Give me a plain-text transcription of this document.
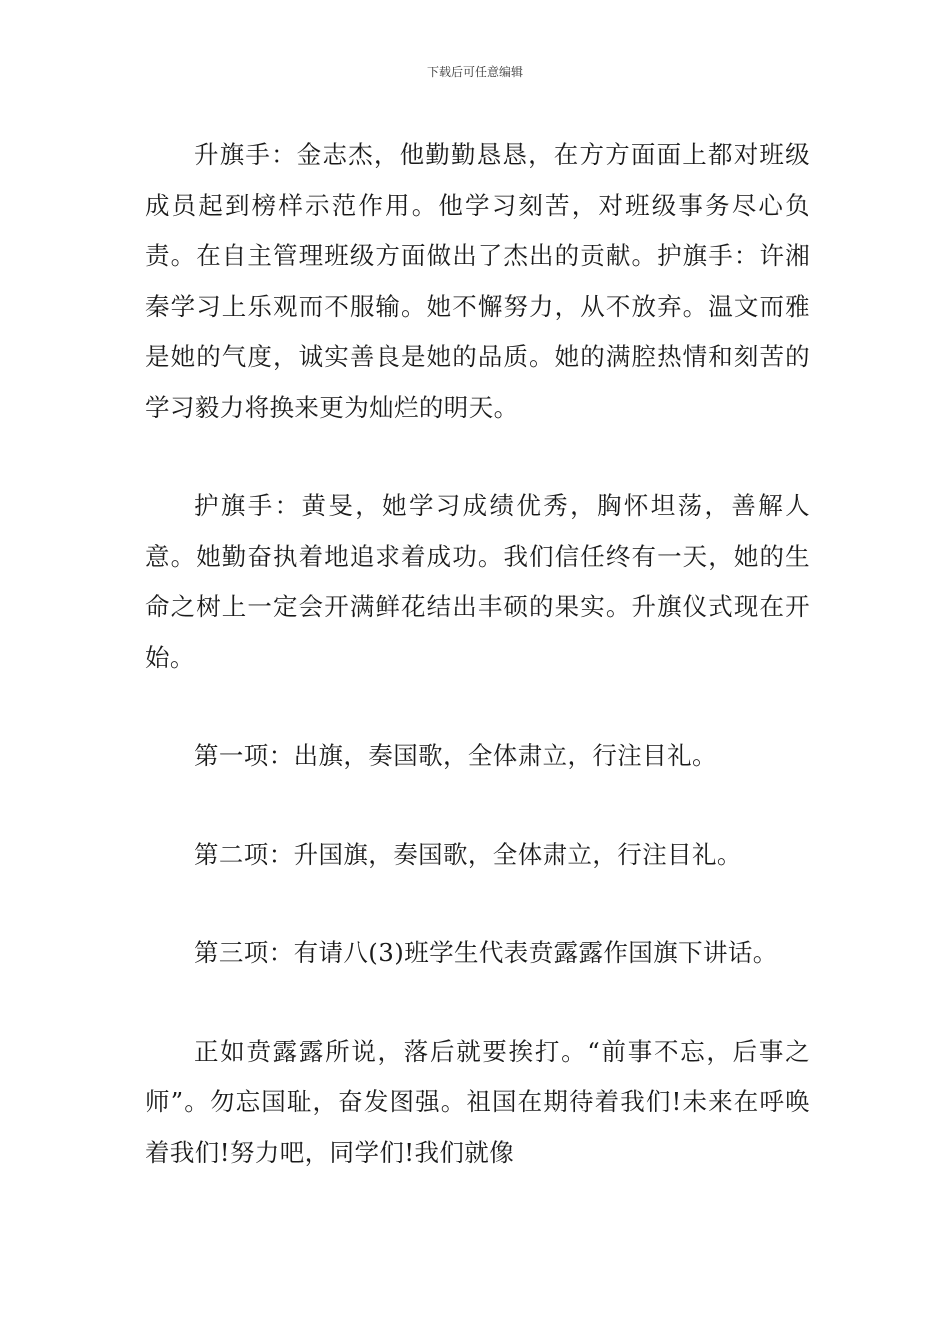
下载后可任意编辑

升旗手：金志杰，他勤勤恳恳，在方方面面上都对班级成员起到榜样示范作用。他学习刻苦，对班级事务尽心负责。在自主管理班级方面做出了杰出的贡献。护旗手：许湘秦学习上乐观而不服输。她不懈努力，从不放弃。温文而雅是她的气度，诚实善良是她的品质。她的满腔热情和刻苦的学习毅力将换来更为灿烂的明天。

护旗手：黄旻，她学习成绩优秀，胸怀坦荡，善解人意。她勤奋执着地追求着成功。我们信任终有一天，她的生命之树上一定会开满鲜花结出丰硕的果实。升旗仪式现在开始。

第一项：出旗，奏国歌，全体肃立，行注目礼。

第二项：升国旗，奏国歌，全体肃立，行注目礼。

第三项：有请八(3)班学生代表贲露露作国旗下讲话。

正如贲露露所说，落后就要挨打。“前事不忘，后事之师”。勿忘国耻，奋发图强。祖国在期待着我们!未来在呼唤着我们!努力吧，同学们!我们就像
